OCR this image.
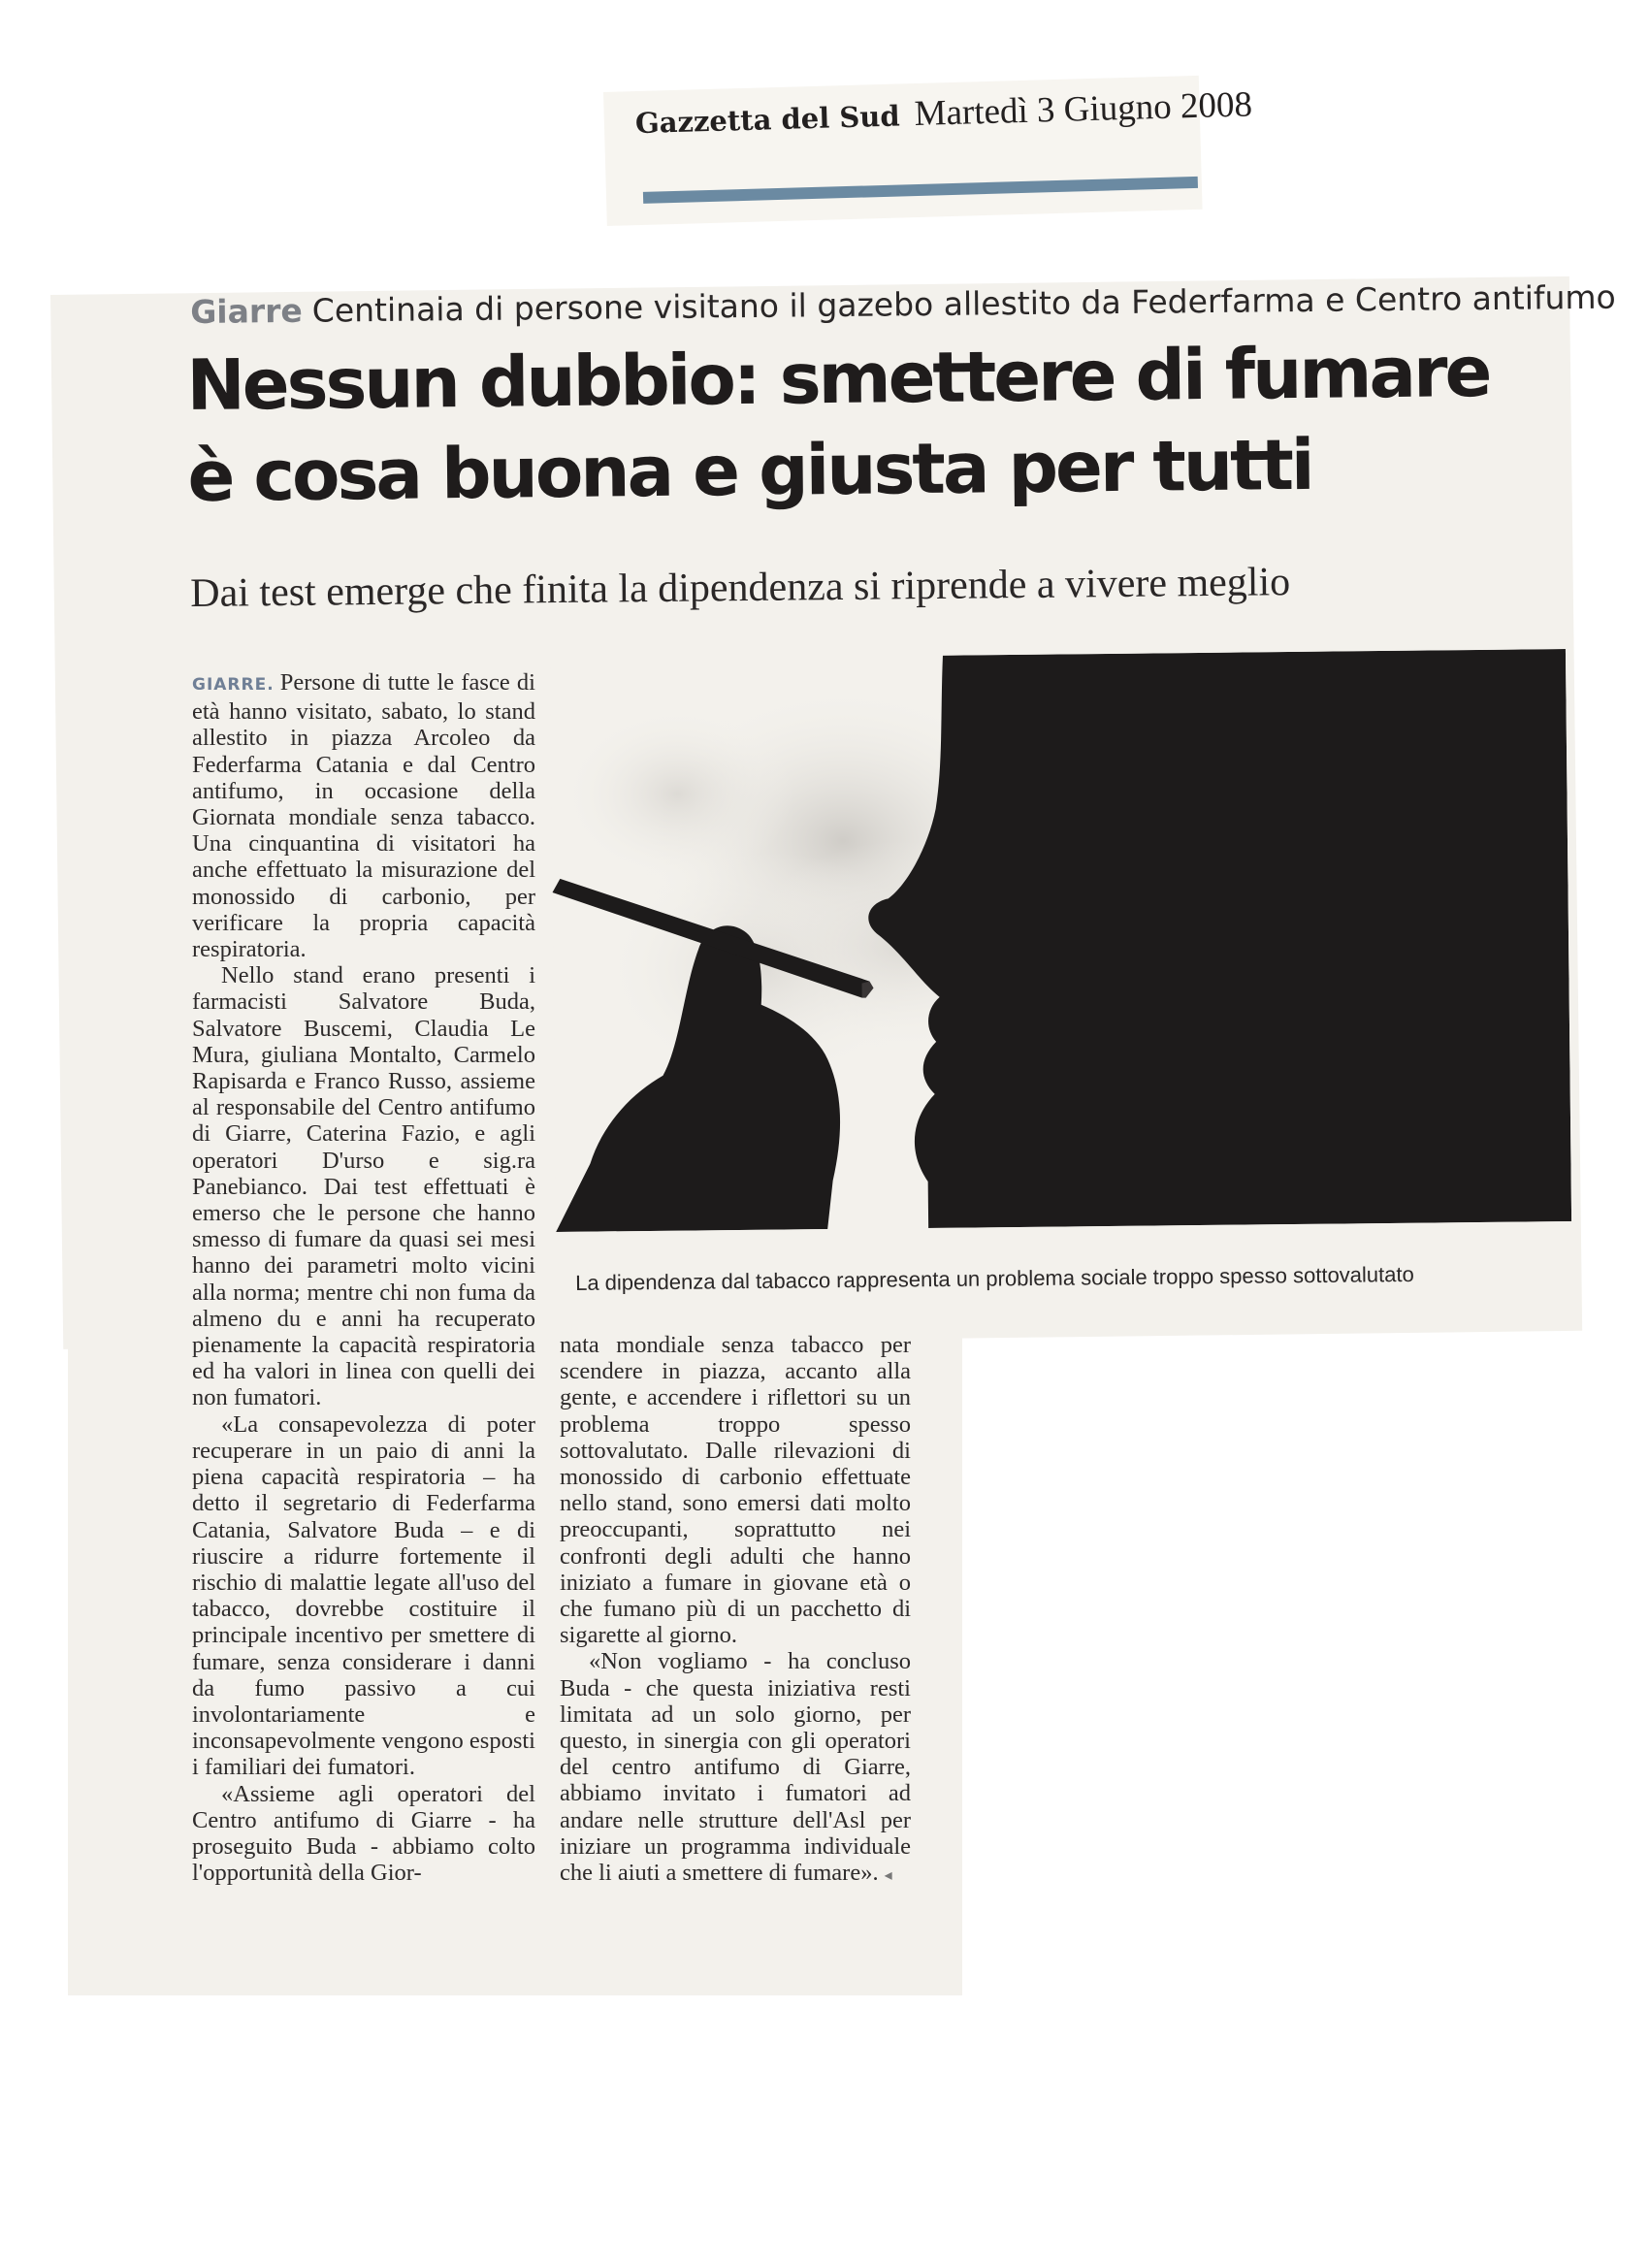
Gazzetta del Sud Martedì 3 Giugno 2008
Giarre Centinaia di persone visitano il gazebo allestito da Federfarma e Centro antifumo
Nessun dubbio: smettere di fumare
è cosa buona e giusta per tutti
Dai test emerge che finita la dipendenza si riprende a vivere meglio
La dipendenza dal tabacco rappresenta un problema sociale troppo spesso sottovalutato

GIARRE. Persone di tutte le fasce di età hanno visitato, sabato, lo stand allestito in piazza Arcoleo da Federfarma Catania e dal Centro antifumo, in occasione della Giornata mondiale senza tabacco. Una cinquantina di visitatori ha anche effettuato la misurazione del monossido di carbonio, per verificare la propria capacità respiratoria.

Nello stand erano presenti i farmacisti Salvatore Buda, Salvatore Buscemi, Claudia Le Mura, giuliana Montalto, Carmelo Rapisarda e Franco Russo, assieme al responsabile del Centro antifumo di Giarre, Caterina Fazio, e agli operatori D'urso e sig.ra Panebianco. Dai test effettuati è emerso che le persone che hanno smesso di fumare da quasi sei mesi hanno dei parametri molto vicini alla norma; mentre chi non fuma da almeno du e anni ha recuperato pienamente la capacità respiratoria ed ha valori in linea con quelli dei non fumatori.

«La consapevolezza di poter recuperare in un paio di anni la piena capacità respiratoria – ha detto il segretario di Federfarma Catania, Salvatore Buda – e di riuscire a ridurre fortemente il rischio di malattie legate all'uso del tabacco, dovrebbe costituire il principale incentivo per smettere di fumare, senza considerare i danni da fumo passivo a cui involontariamente e inconsapevolmente vengono esposti i familiari dei fumatori.

«Assieme agli operatori del Centro antifumo di Giarre - ha proseguito Buda - abbiamo colto l'opportunità della Gior-

nata mondiale senza tabacco per scendere in piazza, accanto alla gente, e accendere i riflettori su un problema troppo spesso sottovalutato. Dalle rilevazioni di monossido di carbonio effettuate nello stand, sono emersi dati molto preoccupanti, soprattutto nei confronti degli adulti che hanno iniziato a fumare in giovane età o che fumano più di un pacchetto di sigarette al giorno.

«Non vogliamo - ha concluso Buda - che questa iniziativa resti limitata ad un solo giorno, per questo, in sinergia con gli operatori del centro antifumo di Giarre, abbiamo invitato i fumatori ad andare nelle strutture dell'Asl per iniziare un programma individuale che li aiuti a smettere di fumare». ◂
